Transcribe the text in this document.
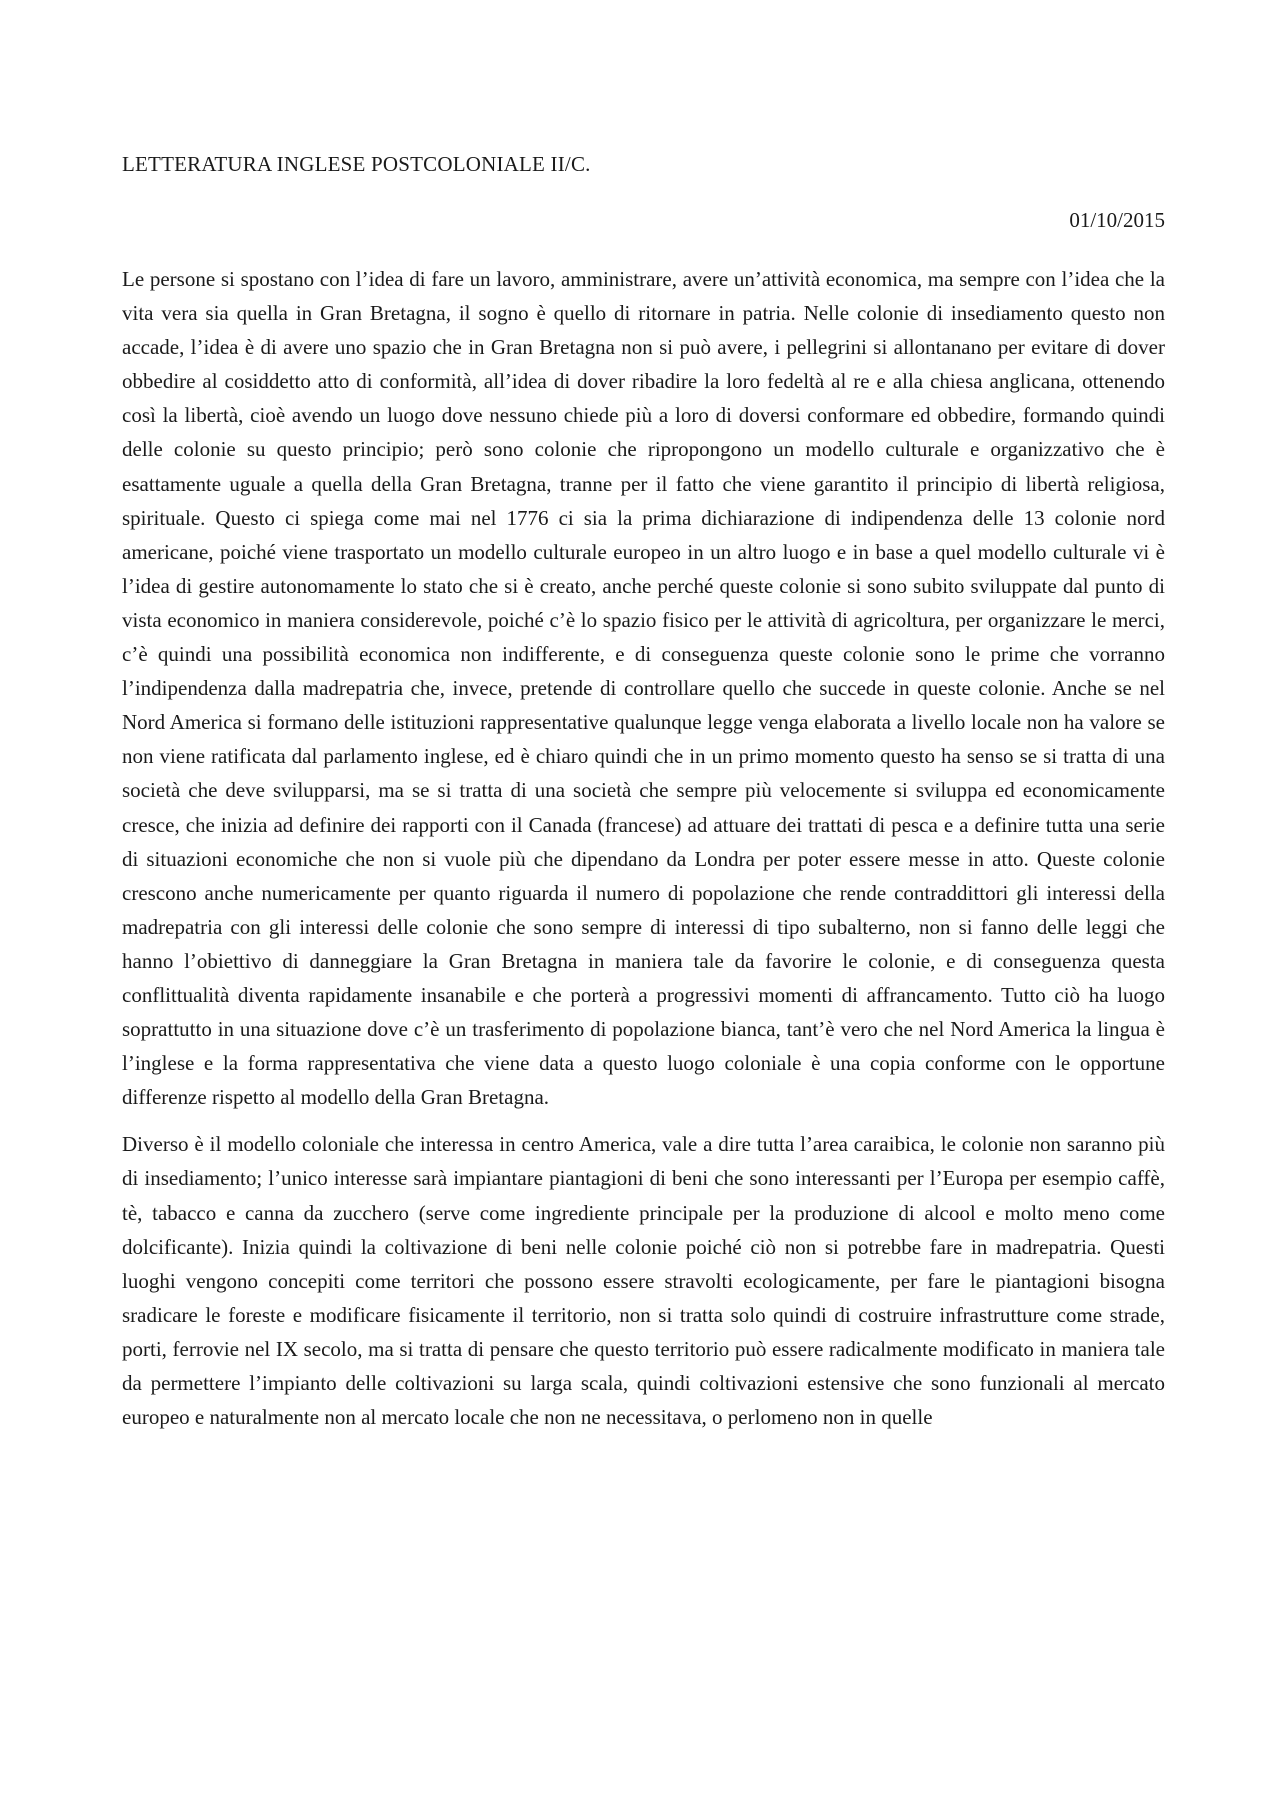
LETTERATURA INGLESE POSTCOLONIALE II/C.
01/10/2015

Le persone si spostano con l’idea di fare un lavoro, amministrare, avere un’attività economica, ma sempre con l’idea che la vita vera sia quella in Gran Bretagna, il sogno è quello di ritornare in patria. Nelle colonie di insediamento questo non accade, l’idea è di avere uno spazio che in Gran Bretagna non si può avere, i pellegrini si allontanano per evitare di dover obbedire al cosiddetto atto di conformità, all’idea di dover ribadire la loro fedeltà al re e alla chiesa anglicana, ottenendo così la libertà, cioè avendo un luogo dove nessuno chiede più a loro di doversi conformare ed obbedire, formando quindi delle colonie su questo principio; però sono colonie che ripropongono un modello culturale e organizzativo che è esattamente uguale a quella della Gran Bretagna, tranne per il fatto che viene garantito il principio di libertà religiosa, spirituale. Questo ci spiega come mai nel 1776 ci sia la prima dichiarazione di indipendenza delle 13 colonie nord americane, poiché viene trasportato un modello culturale europeo in un altro luogo e in base a quel modello culturale vi è l’idea di gestire autonomamente lo stato che si è creato, anche perché queste colonie si sono subito sviluppate dal punto di vista economico in maniera considerevole, poiché c’è lo spazio fisico per le attività di agricoltura, per organizzare le merci, c’è quindi una possibilità economica non indifferente, e di conseguenza queste colonie sono le prime che vorranno l’indipendenza dalla madrepatria che, invece, pretende di controllare quello che succede in queste colonie. Anche se nel Nord America si formano delle istituzioni rappresentative qualunque legge venga elaborata a livello locale non ha valore se non viene ratificata dal parlamento inglese, ed è chiaro quindi che in un primo momento questo ha senso se si tratta di una società che deve svilupparsi, ma se si tratta di una società che sempre più velocemente si sviluppa ed economicamente cresce, che inizia ad definire dei rapporti con il Canada (francese) ad attuare dei trattati di pesca e a definire tutta una serie di situazioni economiche che non si vuole più che dipendano da Londra per poter essere messe in atto. Queste colonie crescono anche numericamente per quanto riguarda il numero di popolazione che rende contraddittori gli interessi della madrepatria con gli interessi delle colonie che sono sempre di interessi di tipo subalterno, non si fanno delle leggi che hanno l’obiettivo di danneggiare la Gran Bretagna in maniera tale da favorire le colonie, e di conseguenza questa conflittualità diventa rapidamente insanabile e che porterà a progressivi momenti di affrancamento. Tutto ciò ha luogo soprattutto in una situazione dove c’è un trasferimento di popolazione bianca, tant’è vero che nel Nord America la lingua è l’inglese e la forma rappresentativa che viene data a questo luogo coloniale è una copia conforme con le opportune differenze rispetto al modello della Gran Bretagna.

Diverso è il modello coloniale che interessa in centro America, vale a dire tutta l’area caraibica, le colonie non saranno più di insediamento; l’unico interesse sarà impiantare piantagioni di beni che sono interessanti per l’Europa per esempio caffè, tè, tabacco e canna da zucchero (serve come ingrediente principale per la produzione di alcool e molto meno come dolcificante). Inizia quindi la coltivazione di beni nelle colonie poiché ciò non si potrebbe fare in madrepatria. Questi luoghi vengono concepiti come territori che possono essere stravolti ecologicamente, per fare le piantagioni bisogna sradicare le foreste e modificare fisicamente il territorio, non si tratta solo quindi di costruire infrastrutture come strade, porti, ferrovie nel IX secolo, ma si tratta di pensare che questo territorio può essere radicalmente modificato in maniera tale da permettere l’impianto delle coltivazioni su larga scala, quindi coltivazioni estensive che sono funzionali al mercato europeo e naturalmente non al mercato locale che non ne necessitava, o perlomeno non in quelle
